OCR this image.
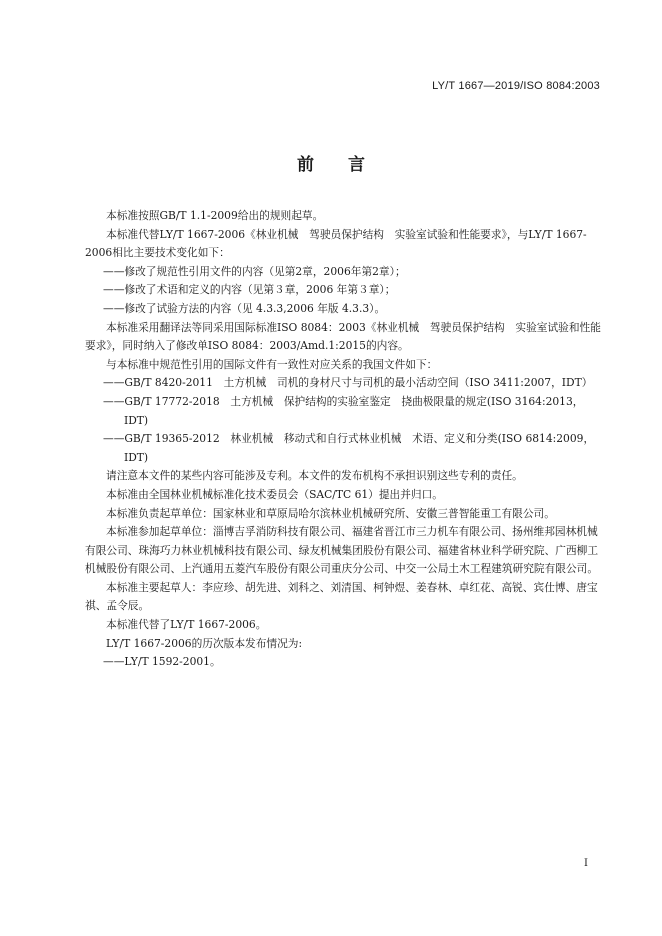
LY/T 1667—2019/ISO 8084:2003
前 言

本标准按照GB/T 1.1-2009给出的规则起草。

本标准代替LY/T 1667-2006《林业机械　驾驶员保护结构　实验室试验和性能要求》，与LY/T 1667-2006相比主要技术变化如下：

——修改了规范性引用文件的内容（见第2章，2006年第2章）；

——修改了术语和定义的内容（见第３章，2006 年第３章）；

——修改了试验方法的内容（见 4.3.3,2006 年版 4.3.3）。

本标准采用翻译法等同采用国际标准ISO 8084：2003《林业机械　驾驶员保护结构　实验室试验和性能要求》，同时纳入了修改单ISO 8084：2003/Amd.1:2015的内容。

与本标准中规范性引用的国际文件有一致性对应关系的我国文件如下：

——GB/T 8420-2011　土方机械　司机的身材尺寸与司机的最小活动空间（ISO 3411:2007，IDT）

——GB/T 17772-2018　土方机械　保护结构的实验室鉴定　挠曲极限量的规定(ISO 3164:2013，IDT)

——GB/T 19365-2012　林业机械　移动式和自行式林业机械　术语、定义和分类(ISO 6814:2009，IDT)

请注意本文件的某些内容可能涉及专利。本文件的发布机构不承担识别这些专利的责任。

本标准由全国林业机械标准化技术委员会（SAC/TC 61）提出并归口。

本标准负责起草单位：国家林业和草原局哈尔滨林业机械研究所、安徽三普智能重工有限公司。

本标准参加起草单位：淄博吉孚消防科技有限公司、福建省晋江市三力机车有限公司、扬州维邦园林机械有限公司、珠海巧力林业机械科技有限公司、绿友机械集团股份有限公司、福建省林业科学研究院、广西柳工机械股份有限公司、上汽通用五菱汽车股份有限公司重庆分公司、中交一公局土木工程建筑研究院有限公司。

本标准主要起草人：李应珍、胡先进、刘科之、刘清国、柯钟煜、姜春林、卓红花、高锐、宾仕博、唐宝祺、孟令辰。

本标准代替了LY/T 1667-2006。

LY/T 1667-2006的历次版本发布情况为:

——LY/T 1592-2001。

I
